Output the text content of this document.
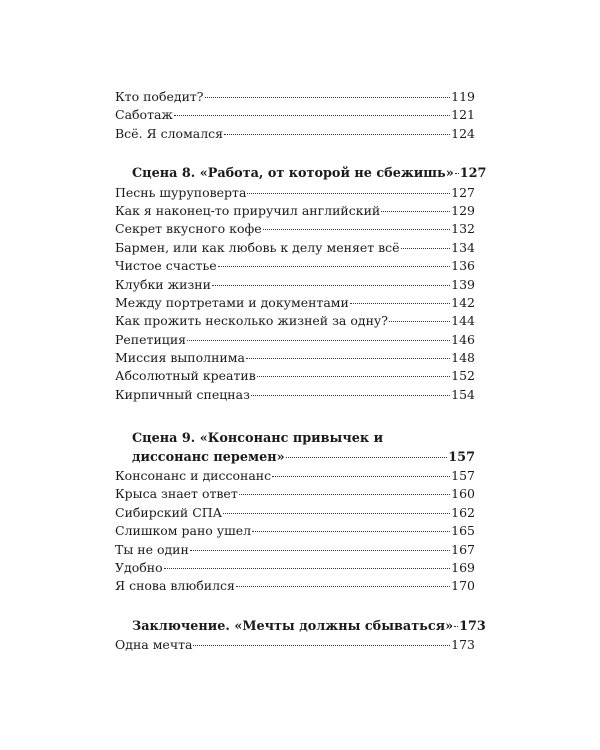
Кто победит?	119
Саботаж	121
Всё. Я сломался	124
Сцена 8. «Работа, от которой не сбежишь» 127
Песнь шуруповерта	127
Как я наконец-то приручил английский	129
Секрет вкусного кофе	132
Бармен, или как любовь к делу меняет всё	134
Чистое счастье	136
Клубки жизни	139
Между портретами и документами	142
Как прожить несколько жизней за одну?	144
Репетиция	146
Миссия выполнима	148
Абсолютный креатив	152
Кирпичный спецназ	154
Сцена 9. «Консонанс привычек и
диссонанс перемен»	157
Консонанс и диссонанс	157
Крыса знает ответ	160
Сибирский СПА	162
Слишком рано ушел	165
Ты не один	167
Удобно	169
Я снова влюбился	170
Заключение. «Мечты должны сбываться» 173
Одна мечта	173
